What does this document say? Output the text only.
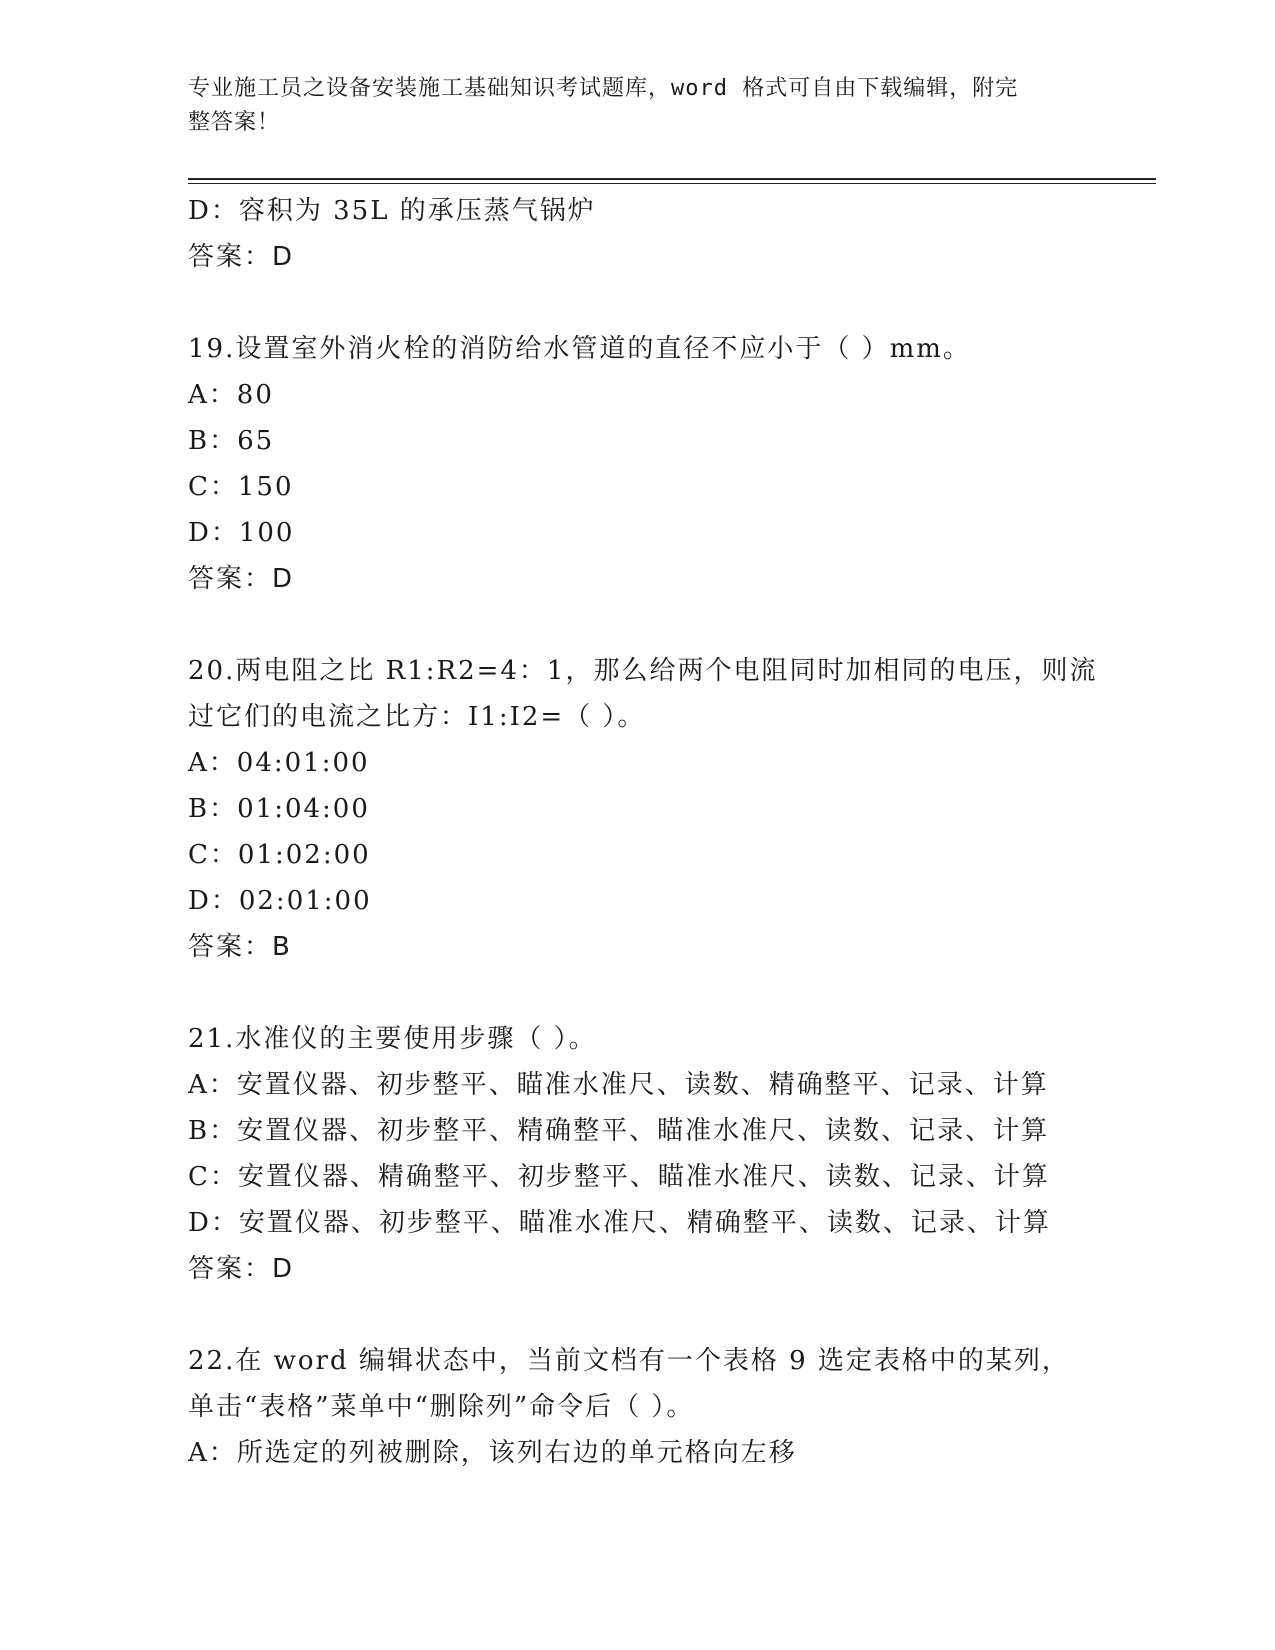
专业施工员之设备安装施工基础知识考试题库，word 格式可自由下载编辑，附完
整答案！
D：容积为 35L 的承压蒸气锅炉
答案：D
19.设置室外消火栓的消防给水管道的直径不应小于（ ）mm。
A：80
B：65
C：150
D：100
答案：D
20.两电阻之比 R1:R2=4：1，那么给两个电阻同时加相同的电压，则流
过它们的电流之比方：I1:I2=（ ）。
A：04:01:00
B：01:04:00
C：01:02:00
D：02:01:00
答案：B
21.水准仪的主要使用步骤（ ）。
A：安置仪器、初步整平、瞄准水准尺、读数、精确整平、记录、计算
B：安置仪器、初步整平、精确整平、瞄准水准尺、读数、记录、计算
C：安置仪器、精确整平、初步整平、瞄准水准尺、读数、记录、计算
D：安置仪器、初步整平、瞄准水准尺、精确整平、读数、记录、计算
答案：D
22.在 word 编辑状态中，当前文档有一个表格 9 选定表格中的某列，
单击“表格”菜单中“删除列”命令后（ ）。
A：所选定的列被删除，该列右边的单元格向左移
